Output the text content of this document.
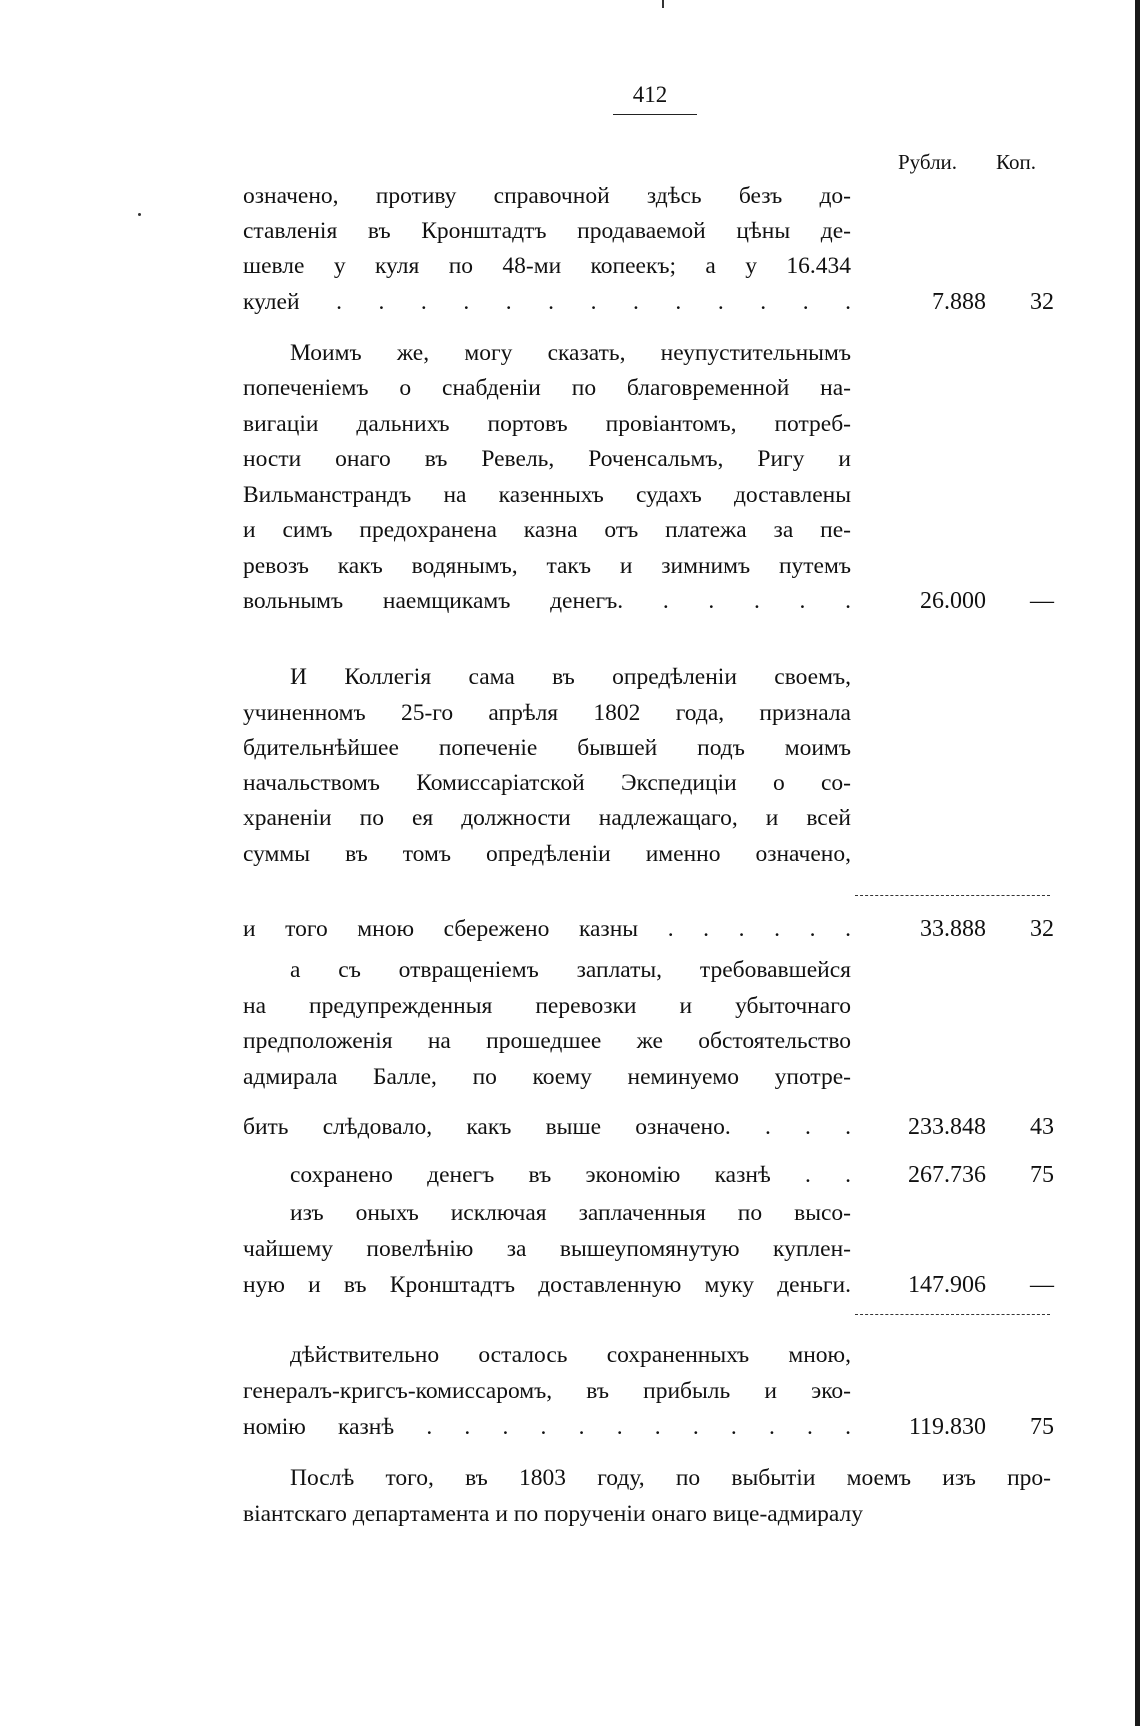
412
Рубли. Коп.
означено, противу справочной здѣсь безъ до-
ставленія въ Кронштадтъ продаваемой цѣны де-
шевле у куля по 48-ми копеекъ; а у 16.434
кулей . . . . . . . . . . . . .	7.888	32
Моимъ же, могу сказать, неупустительнымъ
попеченіемъ о снабденіи по благовременной на-
вигаціи дальнихъ портовъ провіантомъ, потреб-
ности онаго въ Ревель, Роченсальмъ, Ригу и
Вильманстрандъ на казенныхъ судахъ доставлены
и симъ предохранена казна отъ платежа за пе-
ревозъ какъ водянымъ, такъ и зимнимъ путемъ
вольнымъ наемщикамъ денегъ. . . . . .	26.000	—
И Коллегія сама въ опредѣленіи своемъ,
учиненномъ 25-го апрѣля 1802 года, признала
бдительнѣйшее попеченіе бывшей подъ моимъ
начальствомъ Комиссаріатской Экспедиціи о со-
храненіи по ея должности надлежащаго, и всей
суммы въ томъ опредѣленіи именно означено,
и того мною сбережено казны . . . . . .	33.888	32
а съ отвращеніемъ заплаты, требовавшейся
на предупрежденныя перевозки и убыточнаго
предположенія на прошедшее же обстоятельство
адмирала Балле, по коему неминуемо употре-
бить слѣдовало, какъ выше означено. . . .	233.848	43
сохранено денегъ въ экономію казнѣ . .	267.736	75
изъ оныхъ исключая заплаченныя по высо-
чайшему повелѣнію за вышеупомянутую куплен-
ную и въ Кронштадтъ доставленную муку деньги.	147.906	—
дѣйствительно осталось сохраненныхъ мною,
генералъ-кригсъ-комиссаромъ, въ прибыль и эко-
номію казнѣ . . . . . . . . . . . .	119.830	75
Послѣ того, въ 1803 году, по выбытіи моемъ изъ про-
віантскаго департамента и по порученіи онаго вице-адмиралу
